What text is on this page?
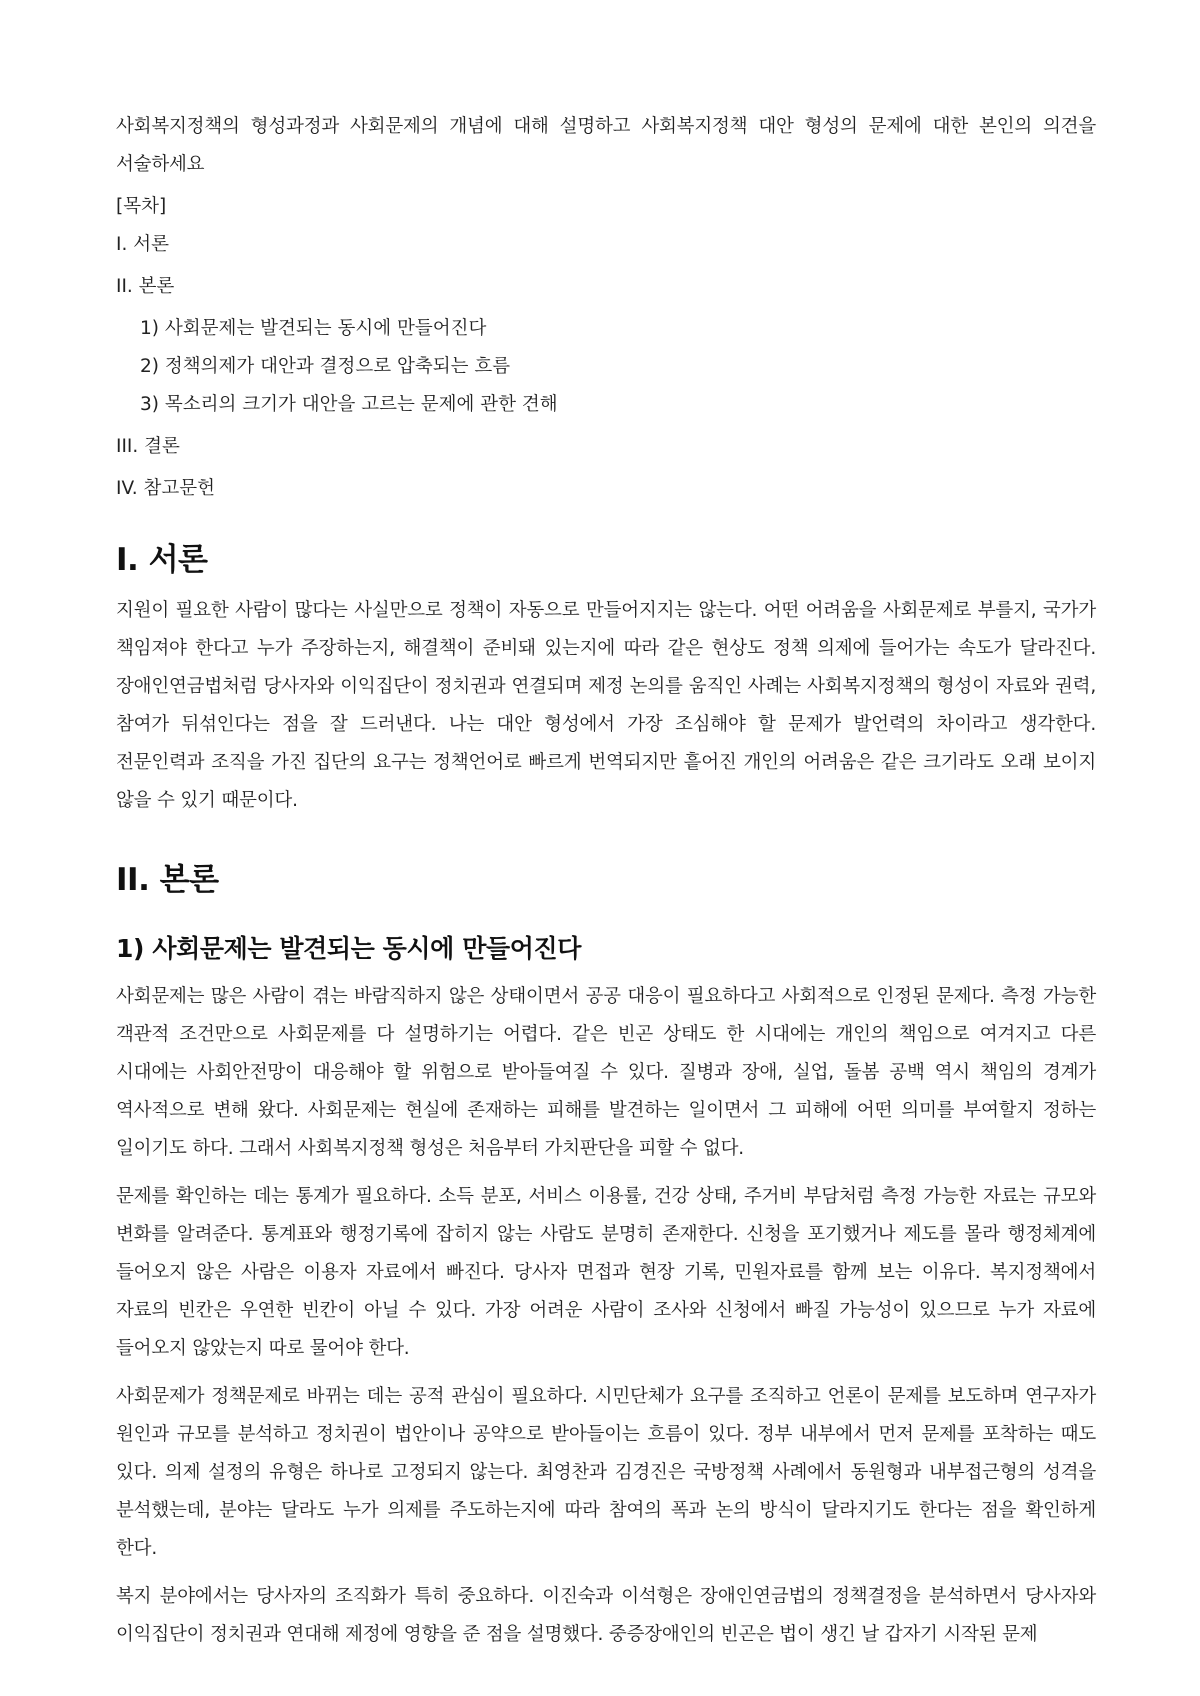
사회복지정책의 형성과정과 사회문제의 개념에 대해 설명하고 사회복지정책 대안 형성의 문제에 대한 본인의 의견을 서술하세요

[목차]

I. 서론
II. 본론
1) 사회문제는 발견되는 동시에 만들어진다
2) 정책의제가 대안과 결정으로 압축되는 흐름
3) 목소리의 크기가 대안을 고르는 문제에 관한 견해
III. 결론
IV. 참고문헌
I. 서론

지원이 필요한 사람이 많다는 사실만으로 정책이 자동으로 만들어지지는 않는다. 어떤 어려움을 사회문제로 부를지, 국가가 책임져야 한다고 누가 주장하는지, 해결책이 준비돼 있는지에 따라 같은 현상도 정책 의제에 들어가는 속도가 달라진다. 장애인연금법처럼 당사자와 이익집단이 정치권과 연결되며 제정 논의를 움직인 사례는 사회복지정책의 형성이 자료와 권력, 참여가 뒤섞인다는 점을 잘 드러낸다. 나는 대안 형성에서 가장 조심해야 할 문제가 발언력의 차이라고 생각한다. 전문인력과 조직을 가진 집단의 요구는 정책언어로 빠르게 번역되지만 흩어진 개인의 어려움은 같은 크기라도 오래 보이지 않을 수 있기 때문이다.

II. 본론
1) 사회문제는 발견되는 동시에 만들어진다

사회문제는 많은 사람이 겪는 바람직하지 않은 상태이면서 공공 대응이 필요하다고 사회적으로 인정된 문제다. 측정 가능한 객관적 조건만으로 사회문제를 다 설명하기는 어렵다. 같은 빈곤 상태도 한 시대에는 개인의 책임으로 여겨지고 다른 시대에는 사회안전망이 대응해야 할 위험으로 받아들여질 수 있다. 질병과 장애, 실업, 돌봄 공백 역시 책임의 경계가 역사적으로 변해 왔다. 사회문제는 현실에 존재하는 피해를 발견하는 일이면서 그 피해에 어떤 의미를 부여할지 정하는 일이기도 하다. 그래서 사회복지정책 형성은 처음부터 가치판단을 피할 수 없다.

문제를 확인하는 데는 통계가 필요하다. 소득 분포, 서비스 이용률, 건강 상태, 주거비 부담처럼 측정 가능한 자료는 규모와 변화를 알려준다. 통계표와 행정기록에 잡히지 않는 사람도 분명히 존재한다. 신청을 포기했거나 제도를 몰라 행정체계에 들어오지 않은 사람은 이용자 자료에서 빠진다. 당사자 면접과 현장 기록, 민원자료를 함께 보는 이유다. 복지정책에서 자료의 빈칸은 우연한 빈칸이 아닐 수 있다. 가장 어려운 사람이 조사와 신청에서 빠질 가능성이 있으므로 누가 자료에 들어오지 않았는지 따로 물어야 한다.

사회문제가 정책문제로 바뀌는 데는 공적 관심이 필요하다. 시민단체가 요구를 조직하고 언론이 문제를 보도하며 연구자가 원인과 규모를 분석하고 정치권이 법안이나 공약으로 받아들이는 흐름이 있다. 정부 내부에서 먼저 문제를 포착하는 때도 있다. 의제 설정의 유형은 하나로 고정되지 않는다. 최영찬과 김경진은 국방정책 사례에서 동원형과 내부접근형의 성격을 분석했는데, 분야는 달라도 누가 의제를 주도하는지에 따라 참여의 폭과 논의 방식이 달라지기도 한다는 점을 확인하게 한다.

복지 분야에서는 당사자의 조직화가 특히 중요하다. 이진숙과 이석형은 장애인연금법의 정책결정을 분석하면서 당사자와 이익집단이 정치권과 연대해 제정에 영향을 준 점을 설명했다. 중증장애인의 빈곤은 법이 생긴 날 갑자기 시작된 문제
